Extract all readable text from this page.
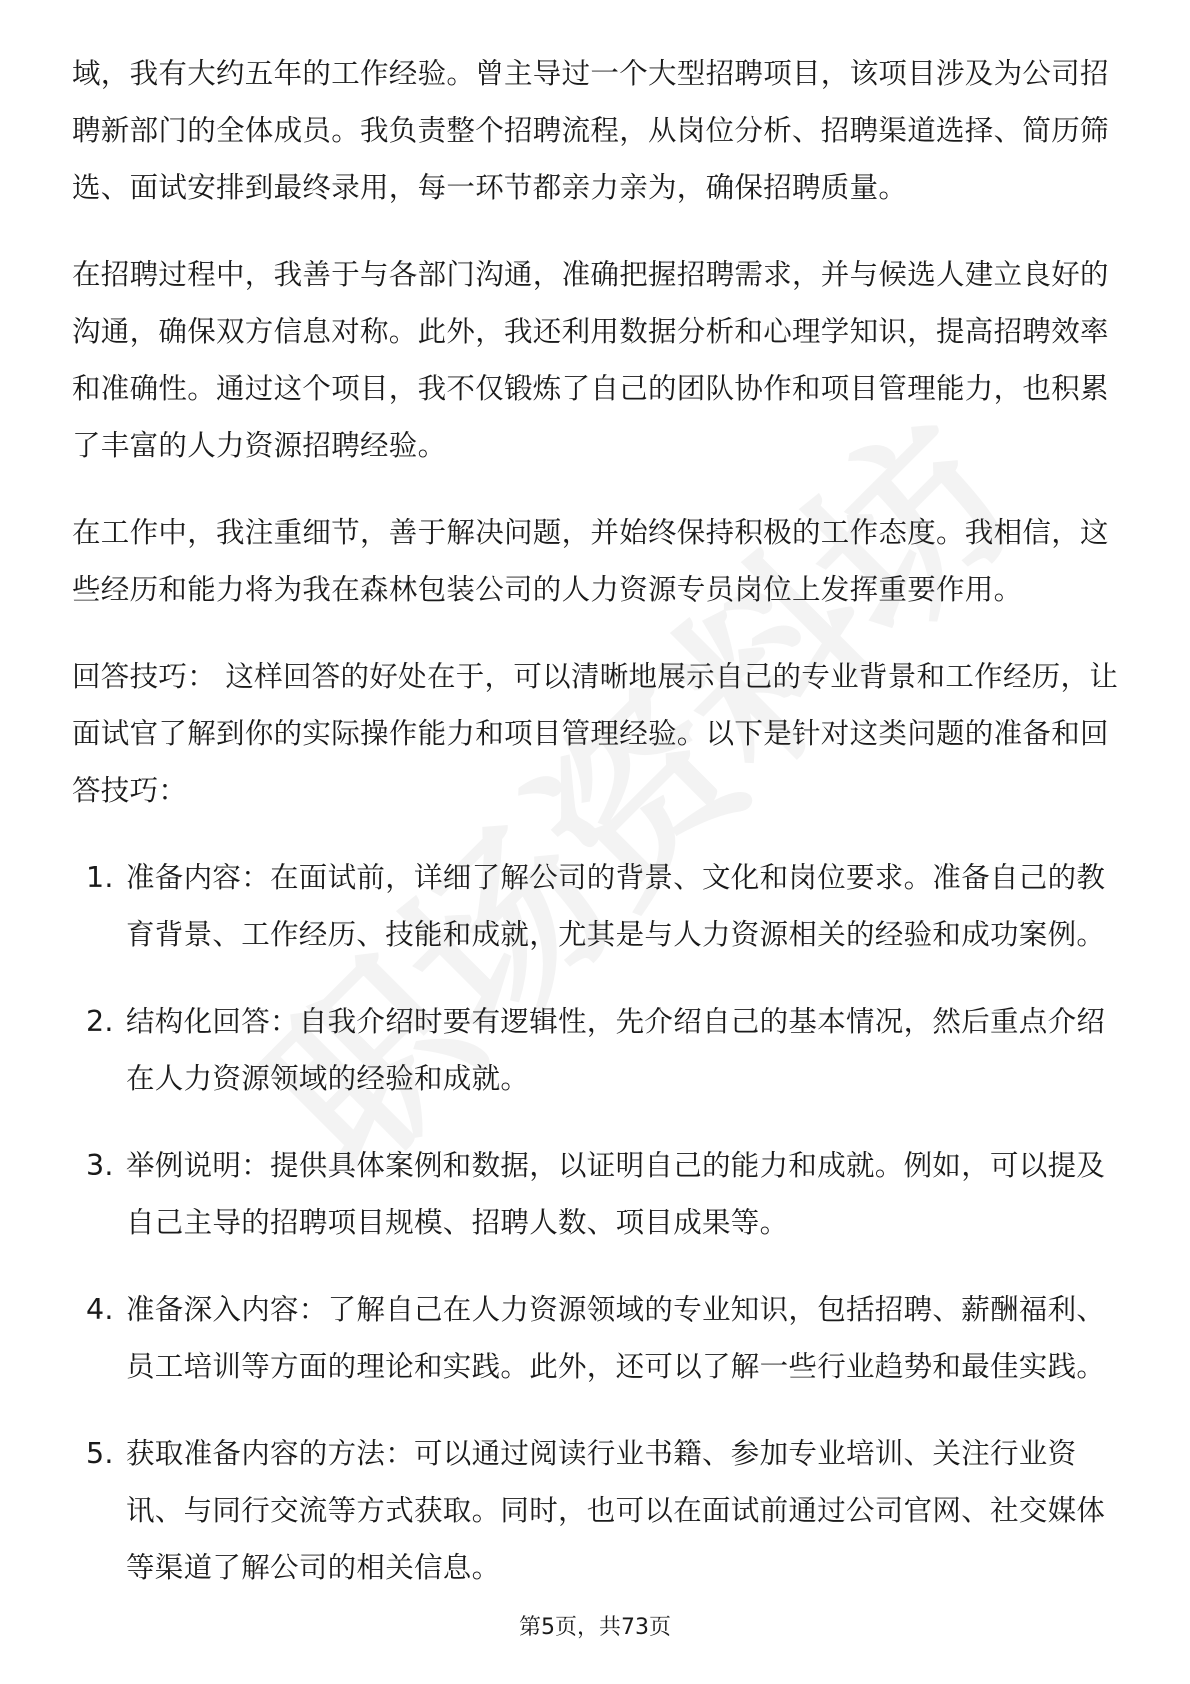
域，我有大约五年的工作经验。曾主导过一个大型招聘项目，该项目涉及为公司招聘新部门的全体成员。我负责整个招聘流程，从岗位分析、招聘渠道选择、简历筛选、面试安排到最终录用，每一环节都亲力亲为，确保招聘质量。

在招聘过程中，我善于与各部门沟通，准确把握招聘需求，并与候选人建立良好的沟通，确保双方信息对称。此外，我还利用数据分析和心理学知识，提高招聘效率和准确性。通过这个项目，我不仅锻炼了自己的团队协作和项目管理能力，也积累了丰富的人力资源招聘经验。

在工作中，我注重细节，善于解决问题，并始终保持积极的工作态度。我相信，这些经历和能力将为我在森林包装公司的人力资源专员岗位上发挥重要作用。

回答技巧： 这样回答的好处在于，可以清晰地展示自己的专业背景和工作经历，让面试官了解到你的实际操作能力和项目管理经验。以下是针对这类问题的准备和回答技巧：

1. 准备内容：在面试前，详细了解公司的背景、文化和岗位要求。准备自己的教育背景、工作经历、技能和成就，尤其是与人力资源相关的经验和成功案例。
2. 结构化回答：自我介绍时要有逻辑性，先介绍自己的基本情况，然后重点介绍在人力资源领域的经验和成就。
3. 举例说明：提供具体案例和数据，以证明自己的能力和成就。例如，可以提及自己主导的招聘项目规模、招聘人数、项目成果等。
4. 准备深入内容：了解自己在人力资源领域的专业知识，包括招聘、薪酬福利、员工培训等方面的理论和实践。此外，还可以了解一些行业趋势和最佳实践。
5. 获取准备内容的方法：可以通过阅读行业书籍、参加专业培训、关注行业资讯、与同行交流等方式获取。同时，也可以在面试前通过公司官网、社交媒体等渠道了解公司的相关信息。
第5页，共73页
